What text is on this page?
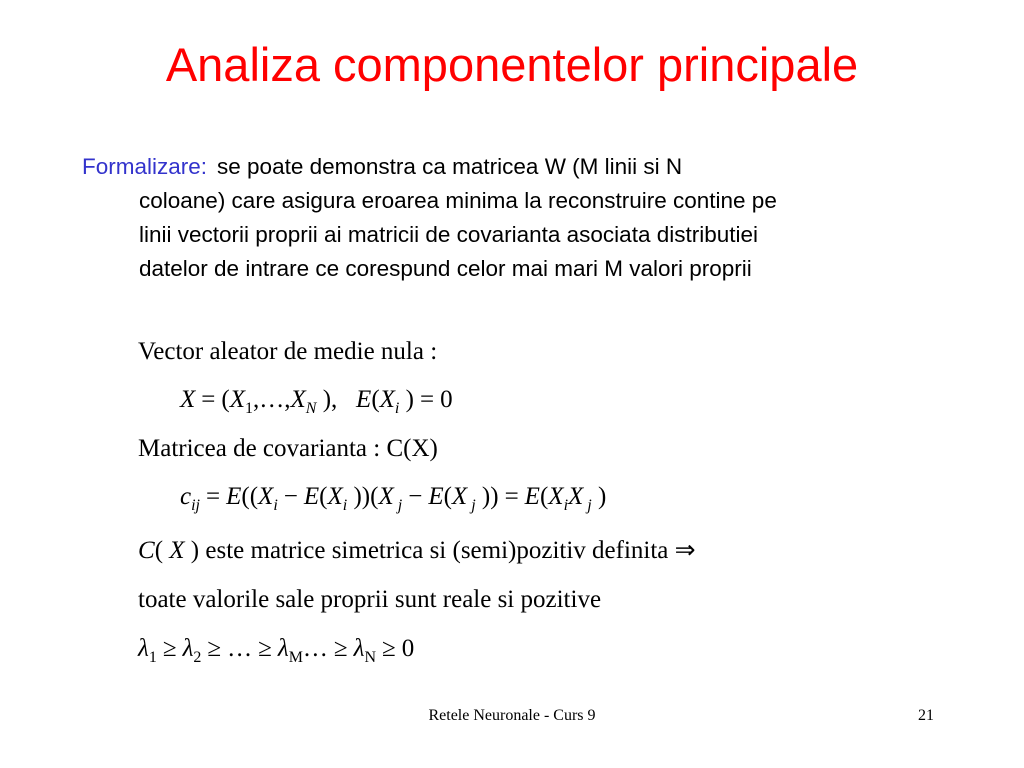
Analiza componentelor principale
Formalizare: se poate demonstra ca matricea W (M linii si N
coloane) care asigura eroarea minima la reconstruire contine pe
linii vectorii proprii ai matricii de covarianta asociata distributiei
datelor de intrare ce corespund celor mai mari M valori proprii
Vector aleator de medie nula :
$X = (X_1,\dots,X_N$ ),   $E(X_i$ ) = 0
Matricea de covarianta : C(X)
$c_{ij} = E((X_i - E(X_i$ ))(X $_j$ − E(X $_j$ )) = $E(X_iX$ $_j$ )
C( X ) este matrice simetrica si (semi)pozitiv definita ⇒
toate valorile sale proprii sunt reale si pozitive
$\lambda_1 \ge \lambda_2$ ≥ … ≥ $\lambda_M\dots \ge \lambda_N \ge 0$
Retele Neuronale - Curs 9	21
